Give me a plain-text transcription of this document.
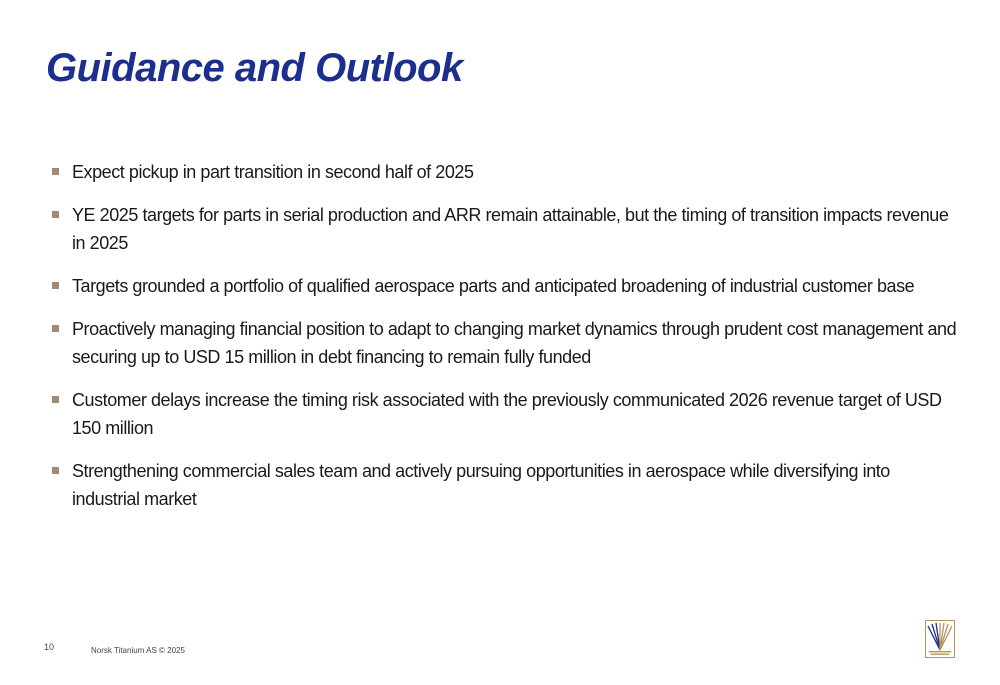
Guidance and Outlook
Expect pickup in part transition in second half of 2025
YE 2025 targets for parts in serial production and ARR remain attainable, but the timing of transition impacts revenue in 2025
Targets grounded a portfolio of qualified aerospace parts and anticipated broadening of industrial customer base
Proactively managing financial position to adapt to changing market dynamics through prudent cost management and securing up to USD 15 million in debt financing to remain fully funded
Customer delays increase the timing risk associated with the previously communicated 2026 revenue target of USD 150 million
Strengthening commercial sales team and actively pursuing opportunities in aerospace while diversifying into industrial market
10	Norsk Titanium AS © 2025
